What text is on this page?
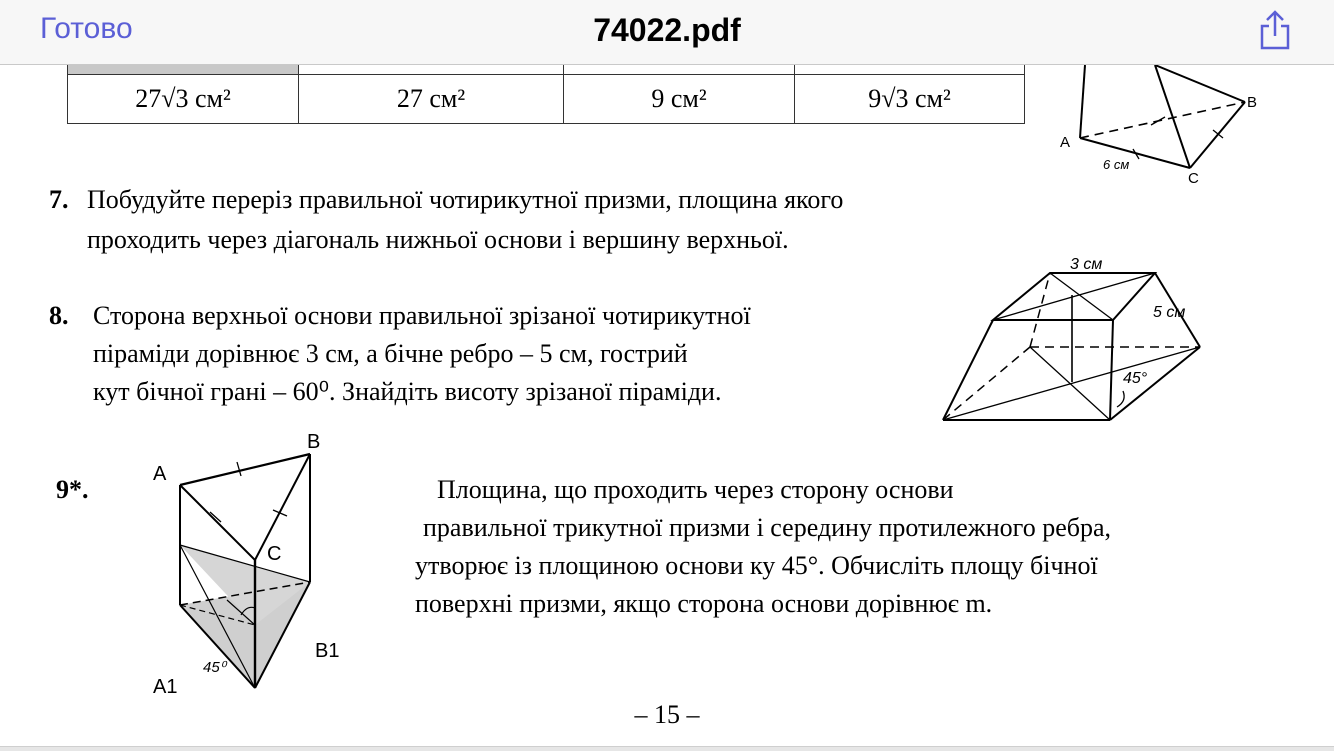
Готово	74022.pdf

27√3 см²	27 см²	9 см²	9√3 см²
A
B
C
6 см
7. Побудуйте переріз правильної чотирикутної призми, площина якого
проходить через діагональ нижньої основи і вершину верхньої.
3 см
5 см
45°
8. Сторона верхньої основи правильної зрізаної чотирикутної
піраміди дорівнює 3 см, а бічне ребро – 5 см, гострий
кут бічної грані – 60⁰. Знайдіть висоту зрізаної піраміди.
9*.
A
B
C
A1
B1
45⁰
Площина, що проходить через сторону основи
правильної трикутної призми і середину протилежного ребра,
утворює із площиною основи ку 45°. Обчисліть площу бічної
поверхні призми, якщо сторона основи дорівнює m.
– 15 –
